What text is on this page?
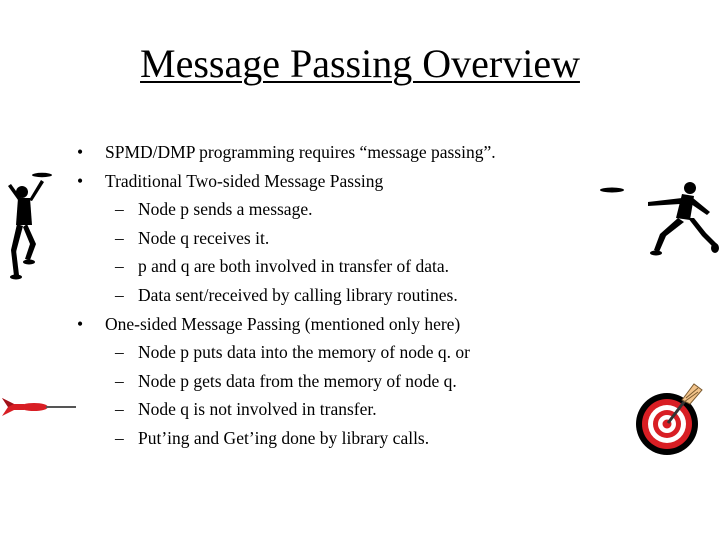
Message Passing Overview
• SPMD/DMP programming requires “message passing”.
• Traditional Two-sided Message Passing
– Node p sends a message.
– Node q receives it.
– p and q are both involved in transfer of data.
– Data sent/received by calling library routines.
• One-sided Message Passing (mentioned only here)
– Node p puts data into the memory of node q. or
– Node p gets data from the memory of node q.
– Node q is not involved in transfer.
– Put’ing and Get’ing done by library calls.
